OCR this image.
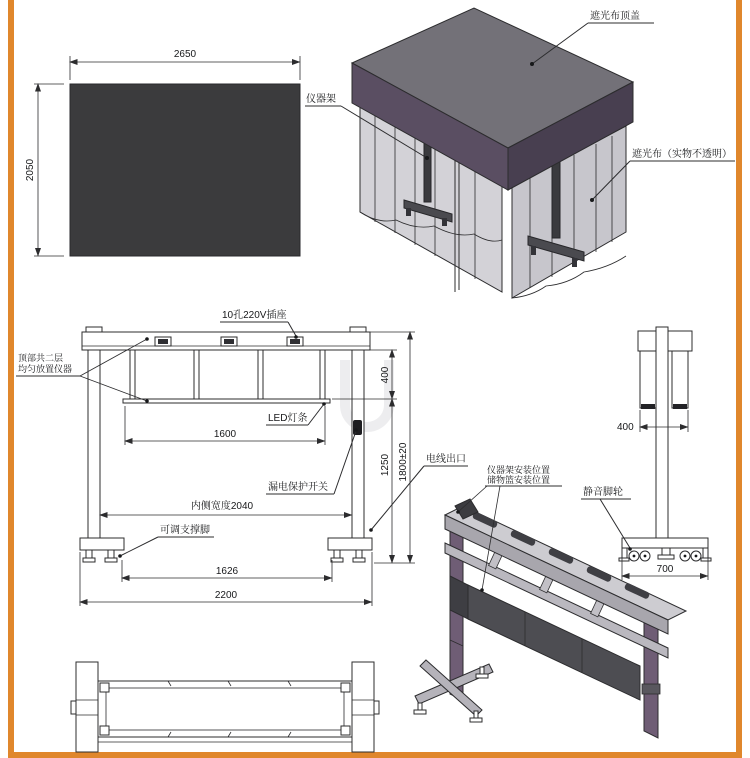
2650
2050
遮光布顶盖
仪器架
遮光布（实物不透明）
10孔220V插座
顶部共二层
均匀放置仪器
LED灯条
1600
400
1250 1800±20
漏电保护开关
内侧宽度2040
可调支撑脚
1626
2200
电线出口
400
700
静音脚轮
仪器架安装位置
储物篮安装位置
